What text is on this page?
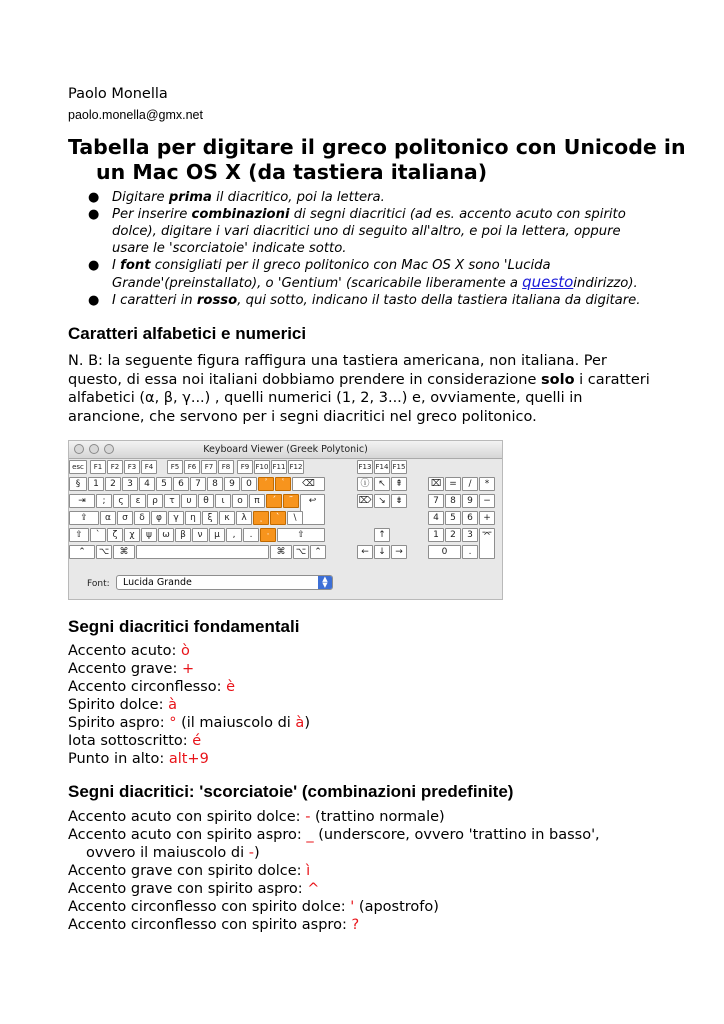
Paolo Monella
paolo.monella@gmx.net
Tabella per digitare il greco politonico con Unicode in
un Mac OS X (da tastiera italiana)
● Digitare prima il diacritico, poi la lettera.
● Per inserire combinazioni di segni diacritici (ad es. accento acuto con spirito
dolce), digitare i vari diacritici uno di seguito all'altro, e poi la lettera, oppure
usare le 'scorciatoie' indicate sotto.
● I font consigliati per il greco politonico con Mac OS X sono 'Lucida
Grande'(preinstallato), o 'Gentium' (scaricabile liberamente a questoindirizzo).
● I caratteri in rosso, qui sotto, indicano il tasto della tastiera italiana da digitare.
Caratteri alfabetici e numerici
N. B: la seguente figura raffigura una tastiera americana, non italiana. Per
questo, di essa noi italiani dobbiamo prendere in considerazione solo i caratteri
alfabetici (α, β, γ...) , quelli numerici (1, 2, 3...) e, ovviamente, quelli in
arancione, che servono per i segni diacritici nel greco politonico.
Keyboard Viewer (Greek Polytonic)
esc	F1	F2	F3	F4	F5	F6	F7	F8	F9 F10 F11 F12	F13 F14 F15
§	1	2	3	4	5	6	7	8	9	0	᾿	῾	⌫	ⓘ ↖	⇞	⌧ =	/	*
⇥	;	ς	ε	ρ	τ	υ	θ	ι	ο	π	΄	῀	↩	⌦ ↘	⇟	7	8	9	−
⇪	α	σ	δ	φ	γ	η	ξ	κ	λ	ͺ	`	\	4	5	6	+
⇧	`	ζ	χ	ψ	ω	β	ν	μ	,	.	·	⇧	↑	1	2	3 ⌤
⌃	⌥	⌘	⌘	⌥ ⌃	←	↓	→	0	.
Font:	Lucida Grande	▲
▼
Segni diacritici fondamentali
Accento acuto: ò
Accento grave: +
Accento circonflesso: è
Spirito dolce: à
Spirito aspro: ° (il maiuscolo di à)
Iota sottoscritto: é
Punto in alto: alt+9
Segni diacritici: 'scorciatoie' (combinazioni predefinite)
Accento acuto con spirito dolce: - (trattino normale)
Accento acuto con spirito aspro: _ (underscore, ovvero 'trattino in basso',
ovvero il maiuscolo di -)
Accento grave con spirito dolce: ì
Accento grave con spirito aspro: ^
Accento circonflesso con spirito dolce: ' (apostrofo)
Accento circonflesso con spirito aspro: ?
